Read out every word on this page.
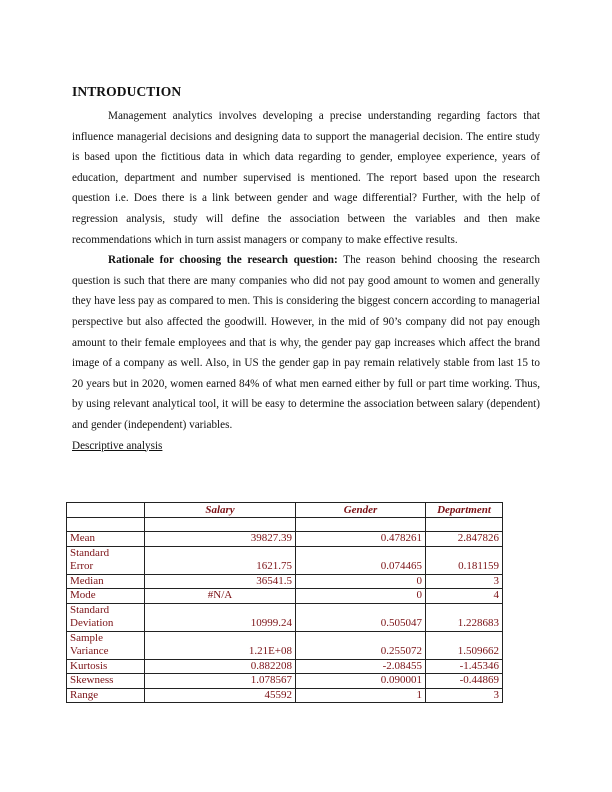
INTRODUCTION

Management analytics involves developing a precise understanding regarding factors that influence managerial decisions and designing data to support the managerial decision. The entire study is based upon the fictitious data in which data regarding to gender, employee experience, years of education, department and number supervised is mentioned. The report based upon the research question i.e. Does there is a link between gender and wage differential? Further, with the help of regression analysis, study will define the association between the variables and then make recommendations which in turn assist managers or company to make effective results.

Rationale for choosing the research question: The reason behind choosing the research question is such that there are many companies who did not pay good amount to women and generally they have less pay as compared to men. This is considering the biggest concern according to managerial perspective but also affected the goodwill. However, in the mid of 90’s company did not pay enough amount to their female employees and that is why, the gender pay gap increases which affect the brand image of a company as well. Also, in US the gender gap in pay remain relatively stable from last 15 to 20 years but in 2020, women earned 84% of what men earned either by full or part time working. Thus, by using relevant analytical tool, it will be easy to determine the association between salary (dependent) and gender (independent) variables.

Descriptive analysis

	Salary	Gender	Department

Mean	39827.39	0.478261	2.847826
Standard
Error	1621.75	0.074465	0.181159
Median	36541.5	0	3
Mode	#N/A	0	4
Standard
Deviation	10999.24	0.505047	1.228683
Sample
Variance	1.21E+08	0.255072	1.509662
Kurtosis	0.882208	-2.08455	-1.45346
Skewness	1.078567	0.090001	-0.44869
Range	45592	1	3
